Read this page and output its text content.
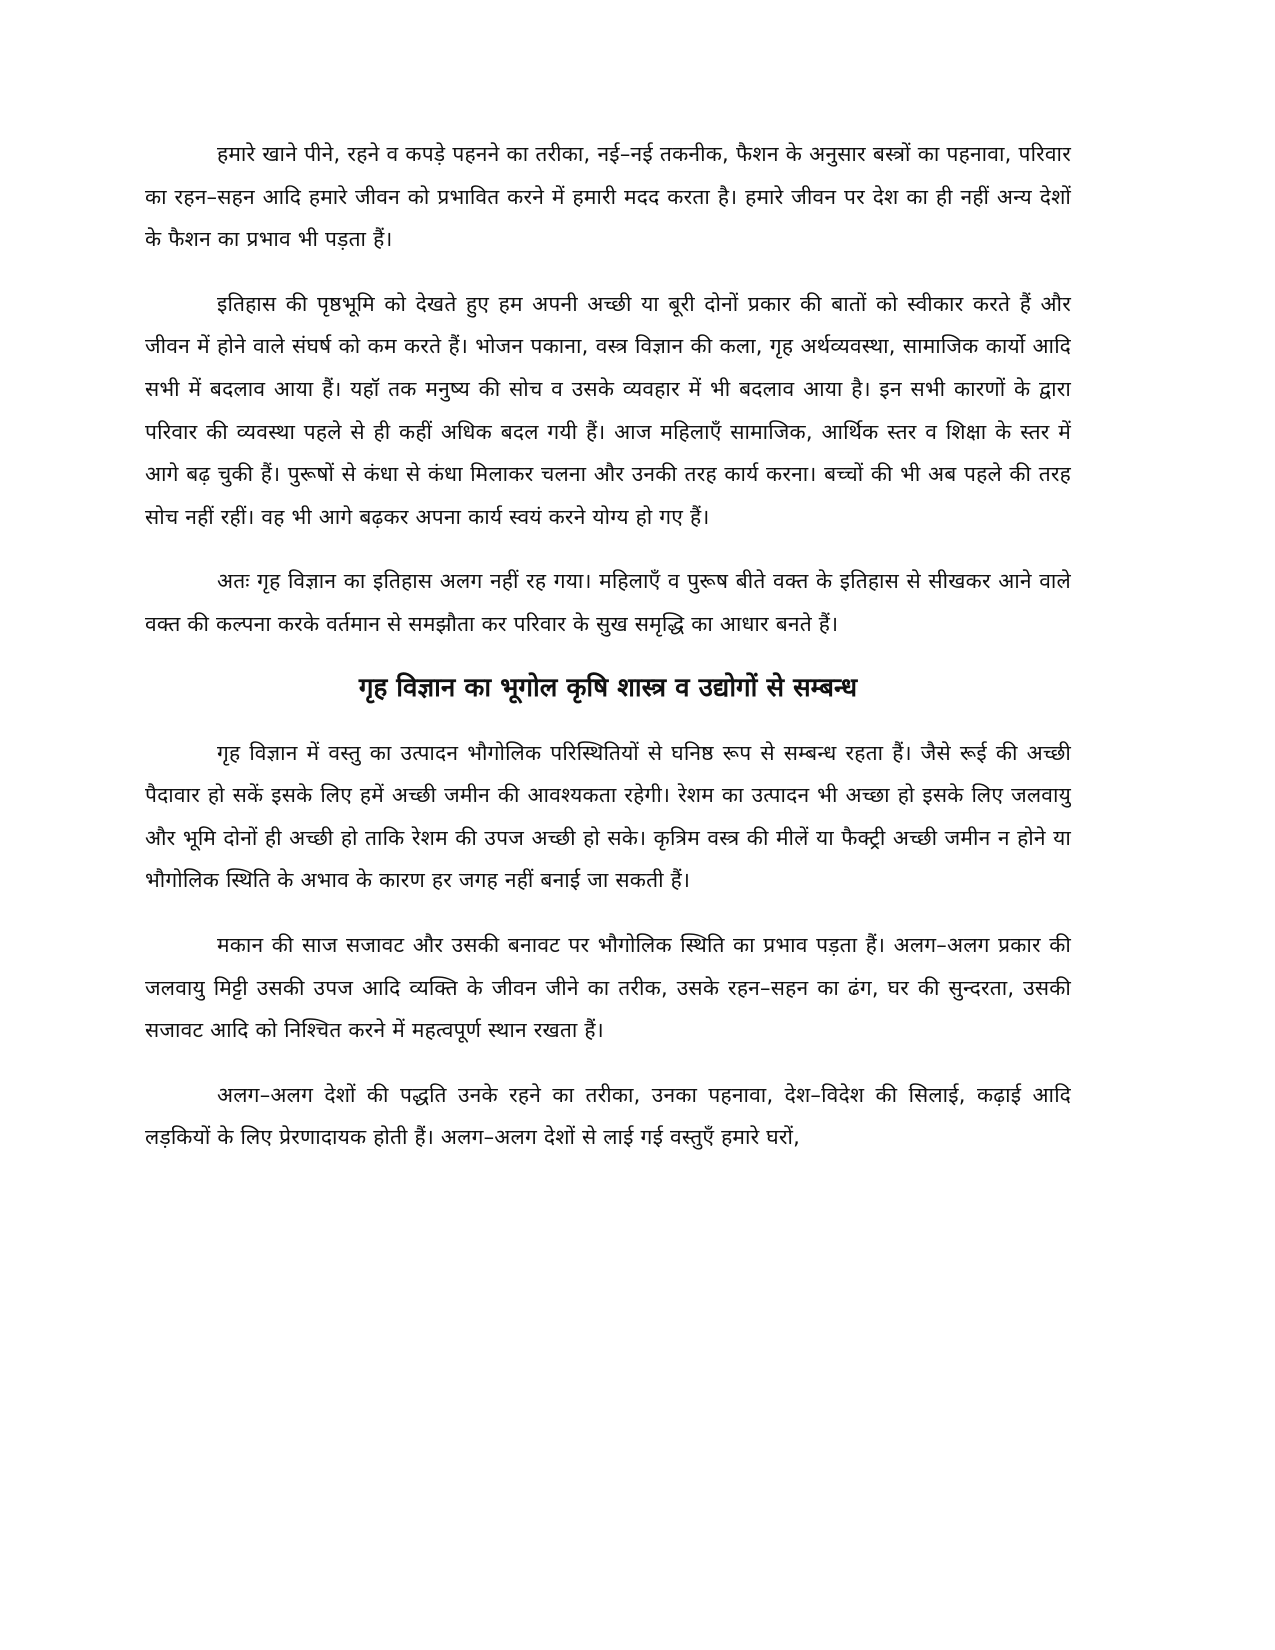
हमारे खाने पीने, रहने व कपड़े पहनने का तरीका, नई–नई तकनीक, फैशन के अनुसार बस्त्रों का पहनावा, परिवार का रहन–सहन आदि हमारे जीवन को प्रभावित करने में हमारी मदद करता है। हमारे जीवन पर देश का ही नहीं अन्य देशों के फैशन का प्रभाव भी पड़ता हैं।

इतिहास की पृष्ठभूमि को देखते हुए हम अपनी अच्छी या बूरी दोनों प्रकार की बातों को स्वीकार करते हैं और जीवन में होने वाले संघर्ष को कम करते हैं। भोजन पकाना, वस्त्र विज्ञान की कला, गृह अर्थव्यवस्था, सामाजिक कार्यो आदि सभी में बदलाव आया हैं। यहॉ तक मनुष्य की सोच व उसके व्यवहार में भी बदलाव आया है। इन सभी कारणों के द्वारा परिवार की व्यवस्था पहले से ही कहीं अधिक बदल गयी हैं। आज महिलाएँ सामाजिक, आर्थिक स्तर व शिक्षा के स्तर में आगे बढ़ चुकी हैं। पुरूषों से कंधा से कंधा मिलाकर चलना और उनकी तरह कार्य करना। बच्चों की भी अब पहले की तरह सोच नहीं रहीं। वह भी आगे बढ़कर अपना कार्य स्वयं करने योग्य हो गए हैं।

अतः गृह विज्ञान का इतिहास अलग नहीं रह गया। महिलाएँ व पुरूष बीते वक्त के इतिहास से सीखकर आने वाले वक्त की कल्पना करके वर्तमान से समझौता कर परिवार के सुख समृद्धि का आधार बनते हैं।

गृह विज्ञान का भूगोल कृषि शास्त्र व उद्योगों से सम्बन्ध

गृह विज्ञान में वस्तु का उत्पादन भौगोलिक परिस्थितियों से घनिष्ठ रूप से सम्बन्ध रहता हैं। जैसे रूई की अच्छी पैदावार हो सकें इसके लिए हमें अच्छी जमीन की आवश्यकता रहेगी। रेशम का उत्पादन भी अच्छा हो इसके लिए जलवायु और भूमि दोनों ही अच्छी हो ताकि रेशम की उपज अच्छी हो सके। कृत्रिम वस्त्र की मीलें या फैक्ट्री अच्छी जमीन न होने या भौगोलिक स्थिति के अभाव के कारण हर जगह नहीं बनाई जा सकती हैं।

मकान की साज सजावट और उसकी बनावट पर भौगोलिक स्थिति का प्रभाव पड़ता हैं। अलग–अलग प्रकार की जलवायु मिट्टी उसकी उपज आदि व्यक्ति के जीवन जीने का तरीक, उसके रहन–सहन का ढंग, घर की सुन्दरता, उसकी सजावट आदि को निश्चित करने में महत्वपूर्ण स्थान रखता हैं।

अलग–अलग देशों की पद्धति उनके रहने का तरीका, उनका पहनावा, देश–विदेश की सिलाई, कढ़ाई आदि लड़कियों के लिए प्रेरणादायक होती हैं। अलग–अलग देशों से लाई गई वस्तुएँ हमारे घरों,
